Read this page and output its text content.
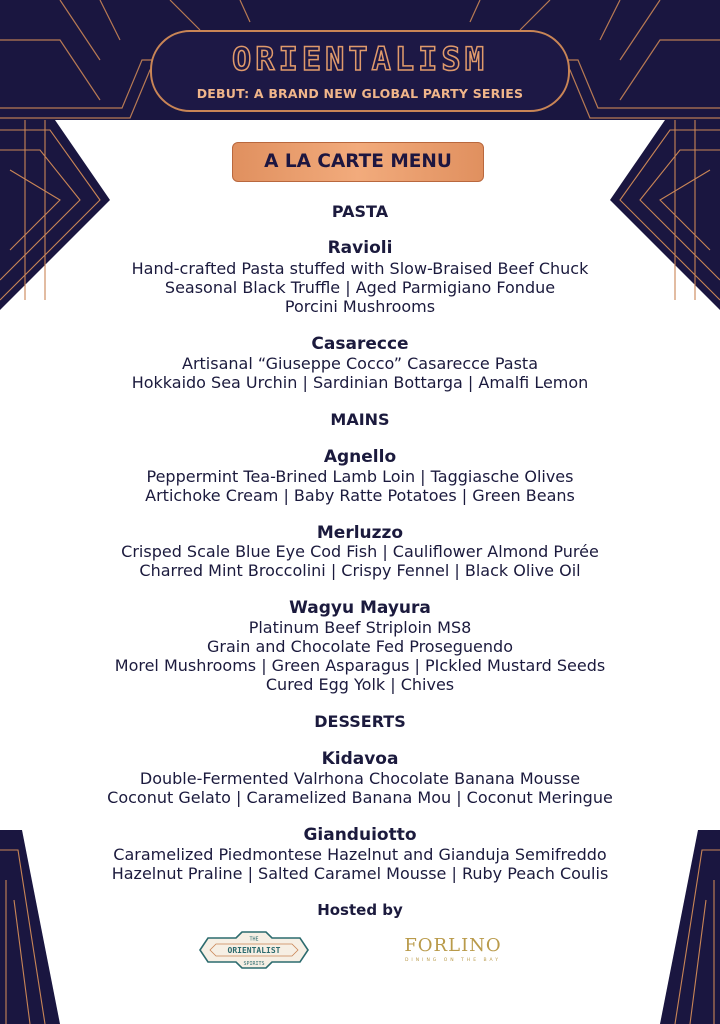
ORIENTALISM
DEBUT: A BRAND NEW GLOBAL PARTY SERIES
A LA CARTE MENU
PASTA
Ravioli
Hand-crafted Pasta stuffed with Slow-Braised Beef Chuck
Seasonal Black Truffle | Aged Parmigiano Fondue
Porcini Mushrooms
Casarecce
Artisanal “Giuseppe Cocco” Casarecce Pasta
Hokkaido Sea Urchin | Sardinian Bottarga | Amalfi Lemon
MAINS
Agnello
Peppermint Tea-Brined Lamb Loin | Taggiasche Olives
Artichoke Cream | Baby Ratte Potatoes | Green Beans
Merluzzo
Crisped Scale Blue Eye Cod Fish | Cauliflower Almond Purée
Charred Mint Broccolini | Crispy Fennel | Black Olive Oil
Wagyu Mayura
Platinum Beef Striploin MS8
Grain and Chocolate Fed Proseguendo
Morel Mushrooms | Green Asparagus | PIckled Mustard Seeds
Cured Egg Yolk | Chives
DESSERTS
Kidavoa
Double-Fermented Valrhona Chocolate Banana Mousse
Coconut Gelato | Caramelized Banana Mou | Coconut Meringue
Gianduiotto
Caramelized Piedmontese Hazelnut and Gianduja Semifreddo
Hazelnut Praline | Salted Caramel Mousse | Ruby Peach Coulis
Hosted by
THE
ORIENTALIST
SPIRITS
FORLINO
DINING ON THE BAY
